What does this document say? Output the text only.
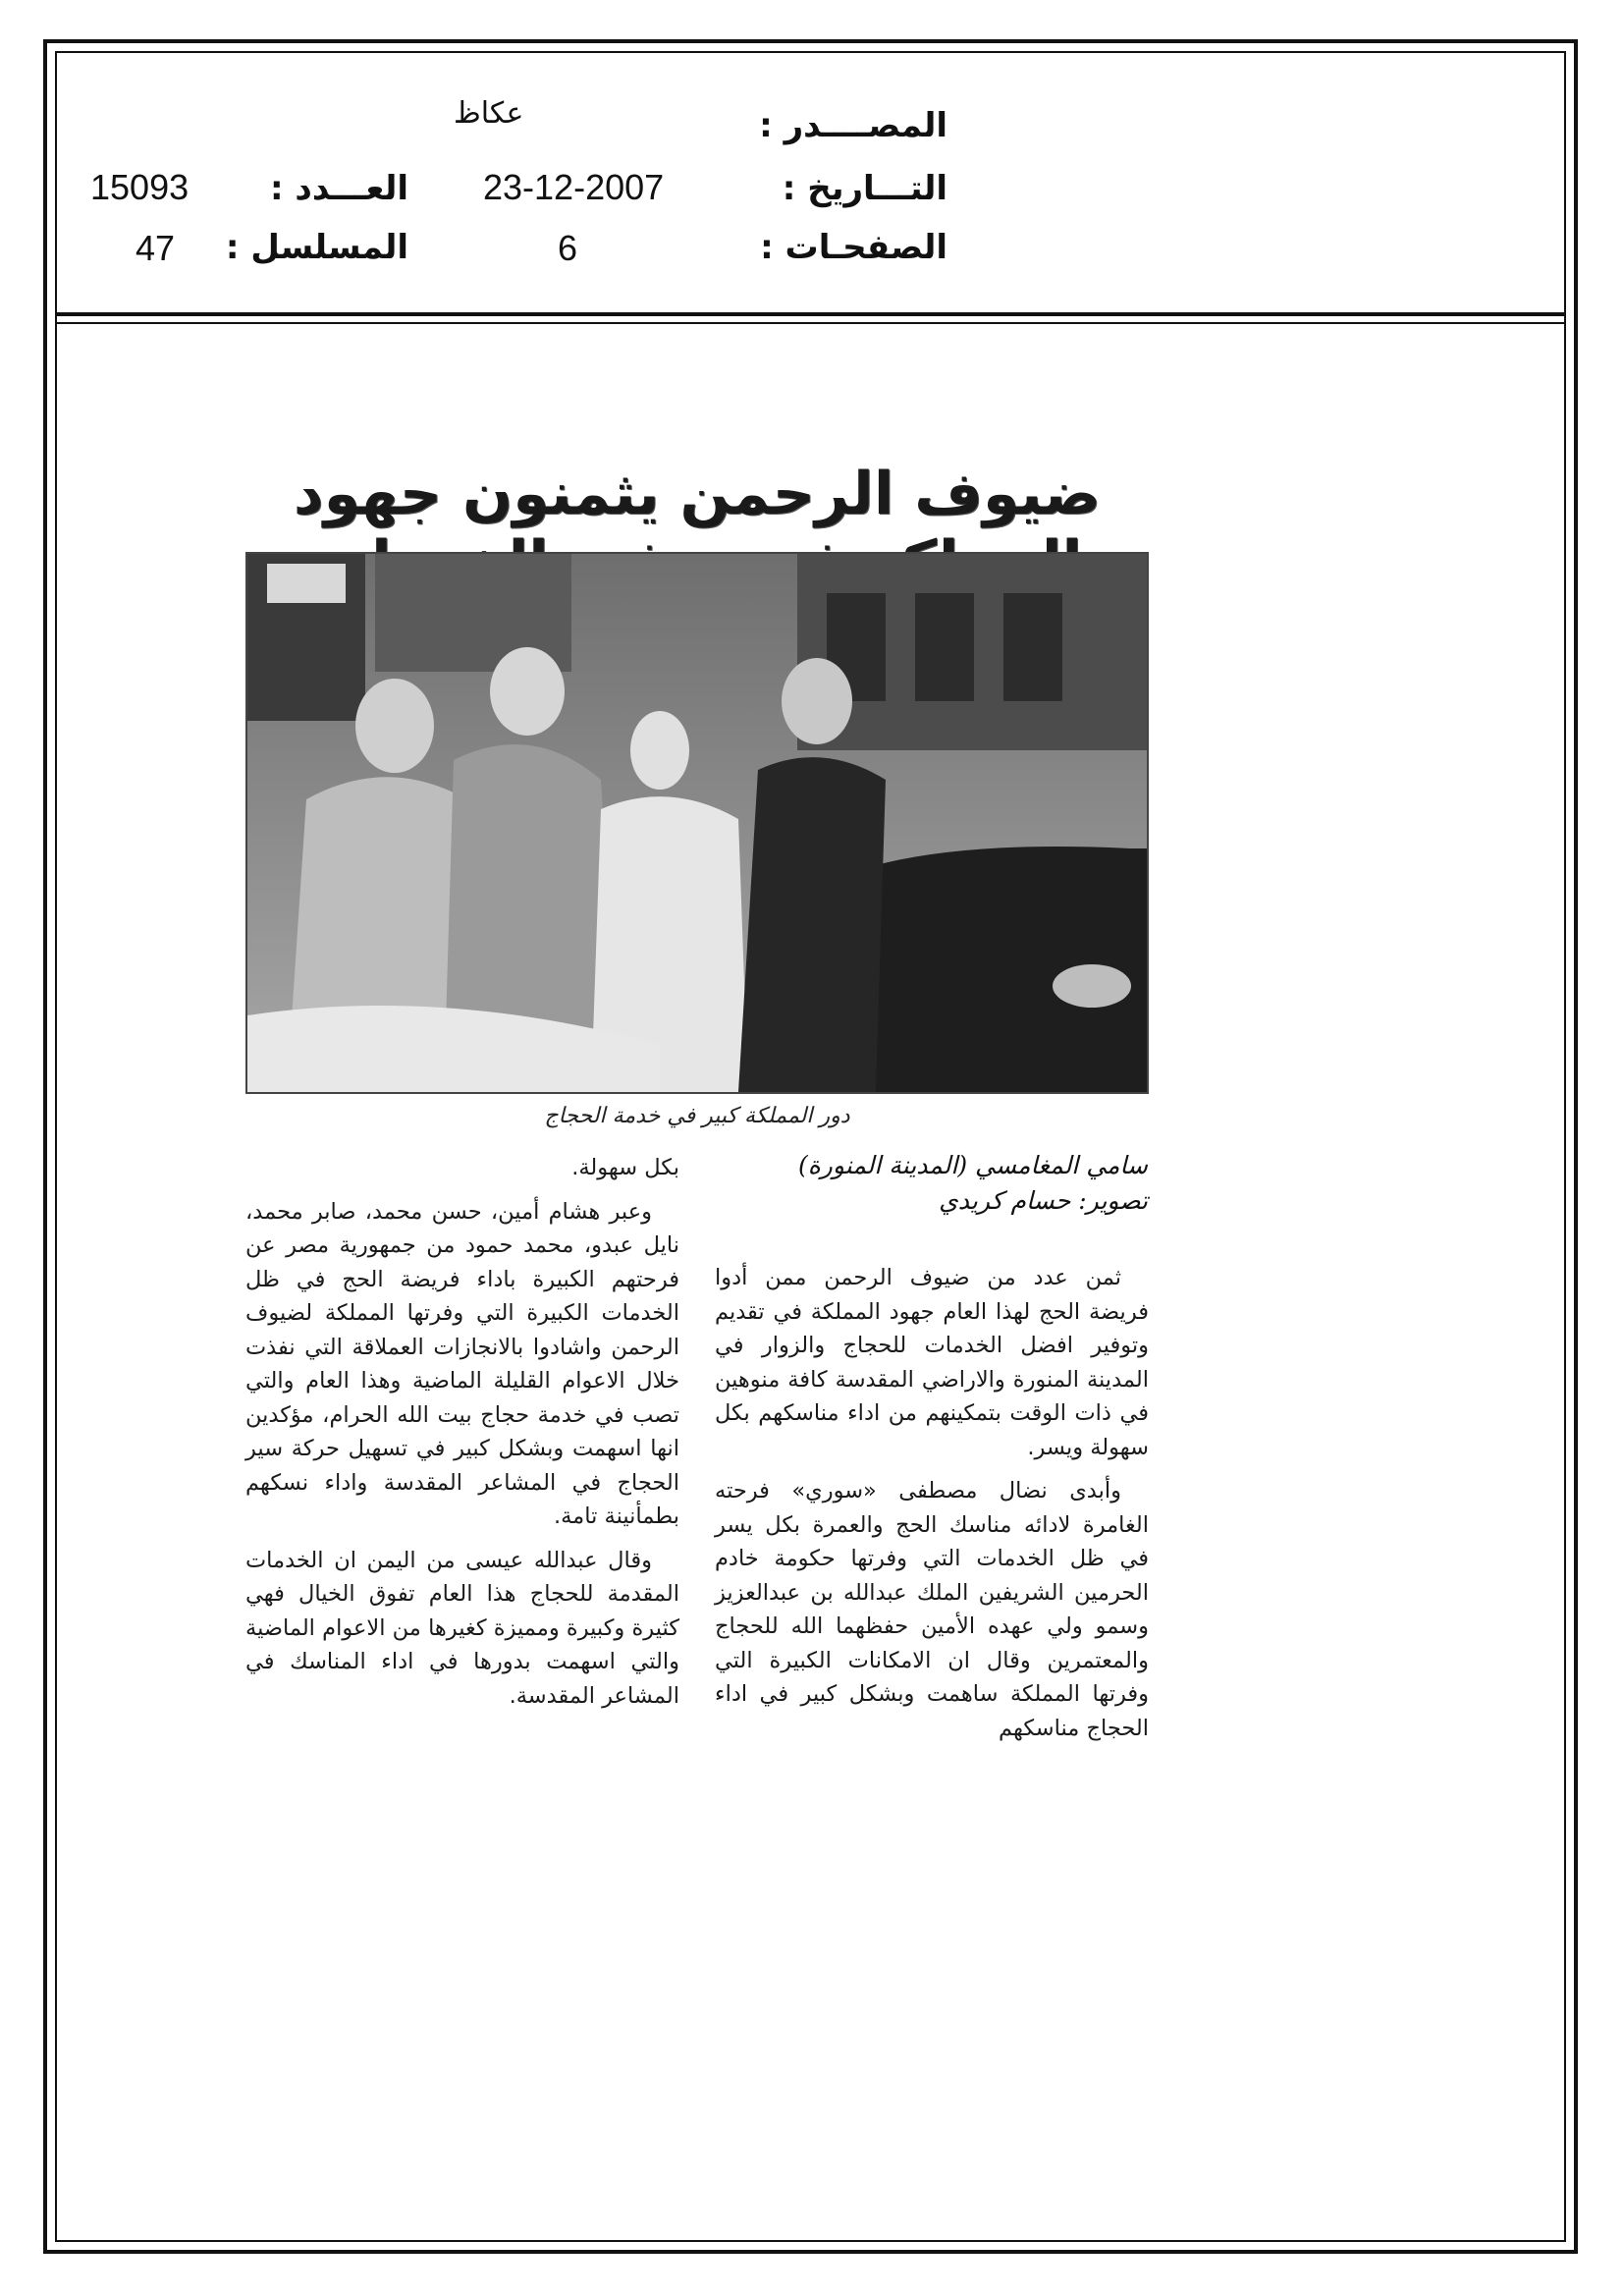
المصــــدر :
عكاظ
التـــاريخ :
23-12-2007
العـــدد :
15093
الصفحـات :
6
المسلسل :
47
ضيوف الرحمن يثمنون جهود
دور المملكة كبير في خدمة الحجاج
سامي المغامسي (المدينة المنورة)
تصوير: حسام كريدي

ثمن عدد من ضيوف الرحمن ممن أدوا فريضة الحج لهذا العام جهود المملكة في تقديم وتوفير افضل الخدمات للحجاج والزوار في المدينة المنورة والاراضي المقدسة كافة منوهين في ذات الوقت بتمكينهم من اداء مناسكهم بكل سهولة ويسر.

وأبدى نضال مصطفى «سوري» فرحته الغامرة لادائه مناسك الحج والعمرة بكل يسر في ظل الخدمات التي وفرتها حكومة خادم الحرمين الشريفين الملك عبدالله بن عبدالعزيز وسمو ولي عهده الأمين حفظهما الله للحجاج والمعتمرين وقال ان الامكانات الكبيرة التي وفرتها المملكة ساهمت وبشكل كبير في اداء الحجاج مناسكهم

بكل سهولة.

وعبر هشام أمين، حسن محمد، صابر محمد، نايل عبدو، محمد حمود من جمهورية مصر عن فرحتهم الكبيرة باداء فريضة الحج في ظل الخدمات الكبيرة التي وفرتها المملكة لضيوف الرحمن واشادوا بالانجازات العملاقة التي نفذت خلال الاعوام القليلة الماضية وهذا العام والتي تصب في خدمة حجاج بيت الله الحرام، مؤكدين انها اسهمت وبشكل كبير في تسهيل حركة سير الحجاج في المشاعر المقدسة واداء نسكهم بطمأنينة تامة.

وقال عبدالله عيسى من اليمن ان الخدمات المقدمة للحجاج هذا العام تفوق الخيال فهي كثيرة وكبيرة ومميزة كغيرها من الاعوام الماضية والتي اسهمت بدورها في اداء المناسك في المشاعر المقدسة.
